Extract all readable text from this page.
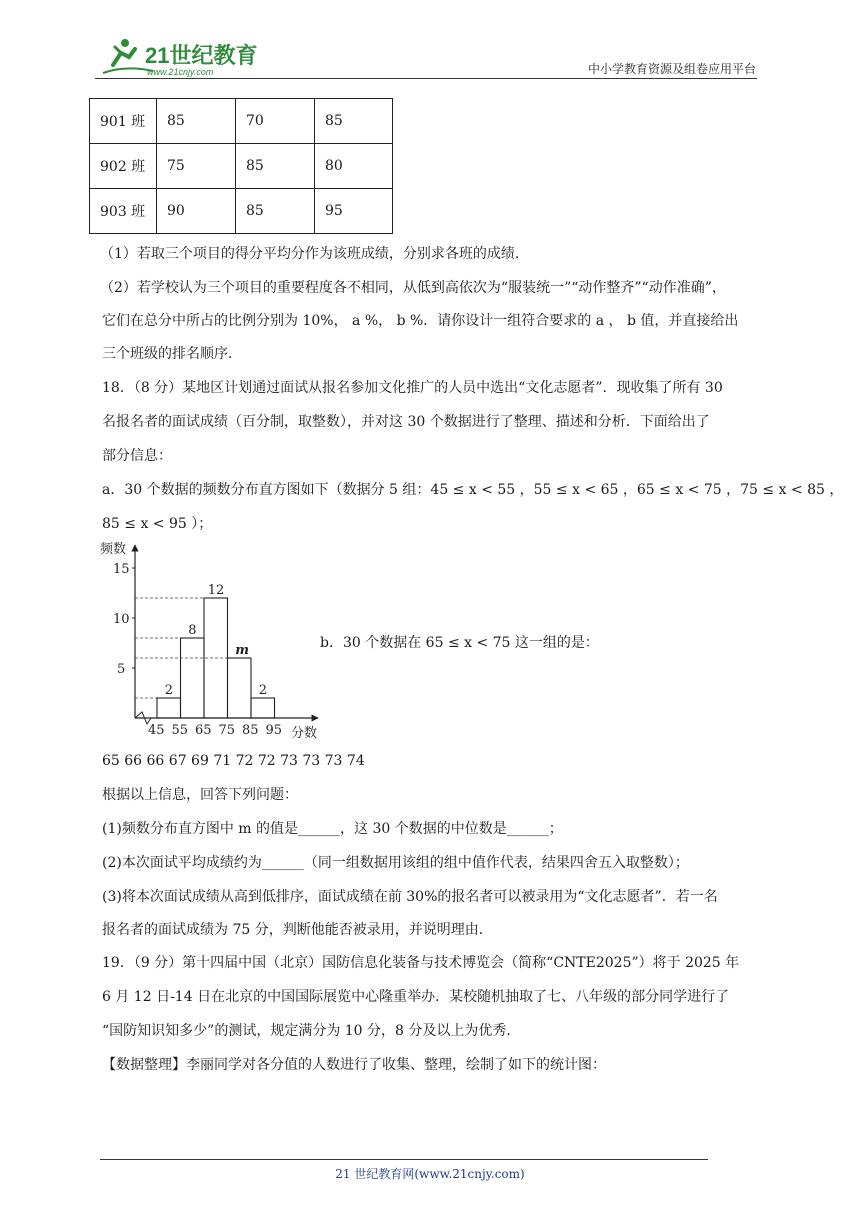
21世纪教育
www.21cnjy.com	中小学教育资源及组卷应用平台
901 班	85	70	85
902 班	75	85	80
903 班	90	85	95
（1）若取三个项目的得分平均分作为该班成绩，分别求各班的成绩．
（2）若学校认为三个项目的重要程度各不相同，从低到高依次为“服装统一”“动作整齐”“动作准确”，
它们在总分中所占的比例分别为 10%， a %， b %．请你设计一组符合要求的 a ， b 值，并直接给出
三个班级的排名顺序．
18．（8 分）某地区计划通过面试从报名参加文化推广的人员中选出“文化志愿者”．现收集了所有 30
名报名者的面试成绩（百分制，取整数），并对这 30 个数据进行了整理、描述和分析．下面给出了
部分信息：
a．30 个数据的频数分布直方图如下（数据分 5 组：45 ≤ x < 55 ，55 ≤ x < 65 ，65 ≤ x < 75 ，75 ≤ x < 85 ，
85 ≤ x < 95 ）；
频数
分数
5
10
15
2
8
12
m
2
45 55 65 75 85 95
b．30 个数据在 65 ≤ x < 75 这一组的是：
65 66 66 67 69 71 72 72 73 73 73 74
根据以上信息，回答下列问题：
(1)频数分布直方图中 m 的值是______，这 30 个数据的中位数是______；
(2)本次面试平均成绩约为______（同一组数据用该组的组中值作代表，结果四舍五入取整数）；
(3)将本次面试成绩从高到低排序，面试成绩在前 30%的报名者可以被录用为“文化志愿者”．若一名
报名者的面试成绩为 75 分，判断他能否被录用，并说明理由．
19．（9 分）第十四届中国（北京）国防信息化装备与技术博览会（简称“CNTE2025”）将于 2025 年
6 月 12 日-14 日在北京的中国国际展览中心隆重举办．某校随机抽取了七、八年级的部分同学进行了
“国防知识知多少”的测试，规定满分为 10 分，8 分及以上为优秀．
【数据整理】李丽同学对各分值的人数进行了收集、整理，绘制了如下的统计图：
21 世纪教育网(www.21cnjy.com)
